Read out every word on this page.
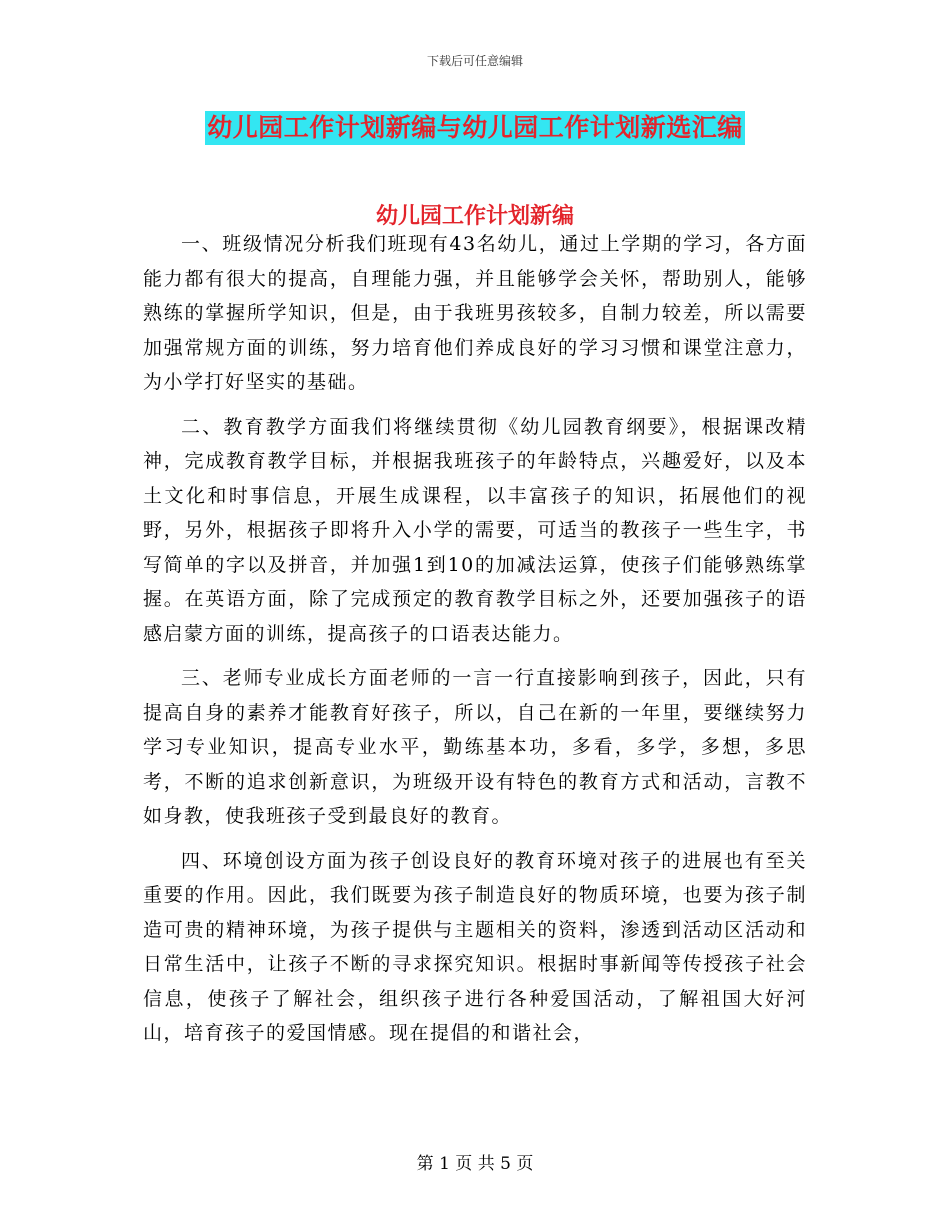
下载后可任意编辑
幼儿园工作计划新编与幼儿园工作计划新选汇编
幼儿园工作计划新编

一、班级情况分析我们班现有43名幼儿，通过上学期的学习，各方面能力都有很大的提高，自理能力强，并且能够学会关怀，帮助别人，能够熟练的掌握所学知识，但是，由于我班男孩较多，自制力较差，所以需要加强常规方面的训练，努力培育他们养成良好的学习习惯和课堂注意力，为小学打好坚实的基础。

二、教育教学方面我们将继续贯彻《幼儿园教育纲要》，根据课改精神，完成教育教学目标，并根据我班孩子的年龄特点，兴趣爱好，以及本土文化和时事信息，开展生成课程，以丰富孩子的知识，拓展他们的视野，另外，根据孩子即将升入小学的需要，可适当的教孩子一些生字，书写简单的字以及拼音，并加强1到10的加减法运算，使孩子们能够熟练掌握。在英语方面，除了完成预定的教育教学目标之外，还要加强孩子的语感启蒙方面的训练，提高孩子的口语表达能力。

三、老师专业成长方面老师的一言一行直接影响到孩子，因此，只有提高自身的素养才能教育好孩子，所以，自己在新的一年里，要继续努力学习专业知识，提高专业水平，勤练基本功，多看，多学，多想，多思考，不断的追求创新意识，为班级开设有特色的教育方式和活动，言教不如身教，使我班孩子受到最良好的教育。

四、环境创设方面为孩子创设良好的教育环境对孩子的进展也有至关重要的作用。因此，我们既要为孩子制造良好的物质环境，也要为孩子制造可贵的精神环境，为孩子提供与主题相关的资料，渗透到活动区活动和日常生活中，让孩子不断的寻求探究知识。根据时事新闻等传授孩子社会信息，使孩子了解社会，组织孩子进行各种爱国活动，了解祖国大好河山，培育孩子的爱国情感。现在提倡的和谐社会，

第 1 页 共 5 页
